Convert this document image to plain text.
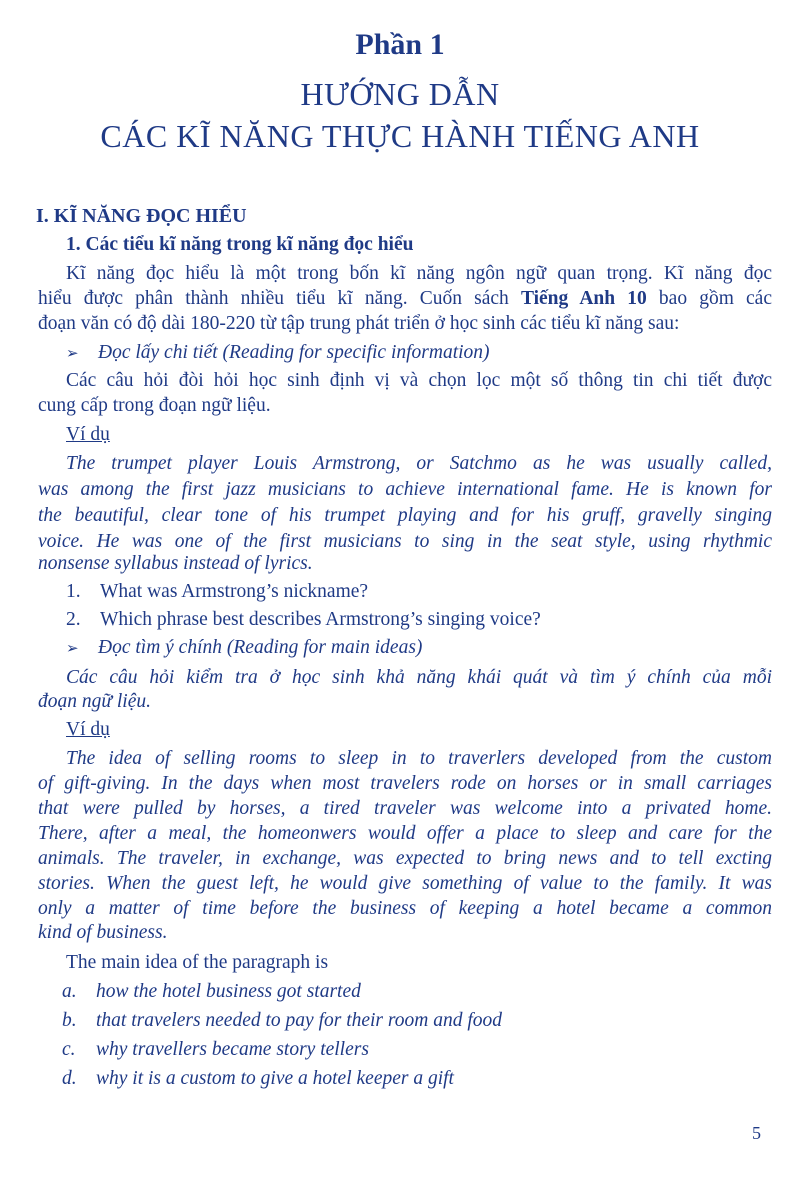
Phần 1
HƯỚNG DẪN
CÁC KĨ NĂNG THỰC HÀNH TIẾNG ANH
I. KĨ NĂNG ĐỌC HIỂU
1. Các tiểu kĩ năng trong kĩ năng đọc hiểu
Kĩ năng đọc hiểu là một trong bốn kĩ năng ngôn ngữ quan trọng. Kĩ năng đọc
hiểu được phân thành nhiều tiểu kĩ năng. Cuốn sách Tiếng Anh 10 bao gồm các
đoạn văn có độ dài 180-220 từ tập trung phát triển ở học sinh các tiểu kĩ năng sau:
➢ Đọc lấy chi tiết (Reading for specific information)
Các câu hỏi đòi hỏi học sinh định vị và chọn lọc một số thông tin chi tiết được
cung cấp trong đoạn ngữ liệu.
Ví dụ
The trumpet player Louis Armstrong, or Satchmo as he was usually called,
was among the first jazz musicians to achieve international fame. He is known for
the beautiful, clear tone of his trumpet playing and for his gruff, gravelly singing
voice. He was one of the first musicians to sing in the seat style, using rhythmic
nonsense syllabus instead of lyrics.
1. What was Armstrong’s nickname?
2. Which phrase best describes Armstrong’s singing voice?
➢ Đọc tìm ý chính (Reading for main ideas)
Các câu hỏi kiểm tra ở học sinh khả năng khái quát và tìm ý chính của mỗi
đoạn ngữ liệu.
Ví dụ
The idea of selling rooms to sleep in to traverlers developed from the custom
of gift-giving. In the days when most travelers rode on horses or in small carriages
that were pulled by horses, a tired traveler was welcome into a privated home.
There, after a meal, the homeonwers would offer a place to sleep and care for the
animals. The traveler, in exchange, was expected to bring news and to tell excting
stories. When the guest left, he would give something of value to the family. It was
only a matter of time before the business of keeping a hotel became a common
kind of business.
The main idea of the paragraph is
a. how the hotel business got started
b. that travelers needed to pay for their room and food
c. why travellers became story tellers
d. why it is a custom to give a hotel keeper a gift
5
